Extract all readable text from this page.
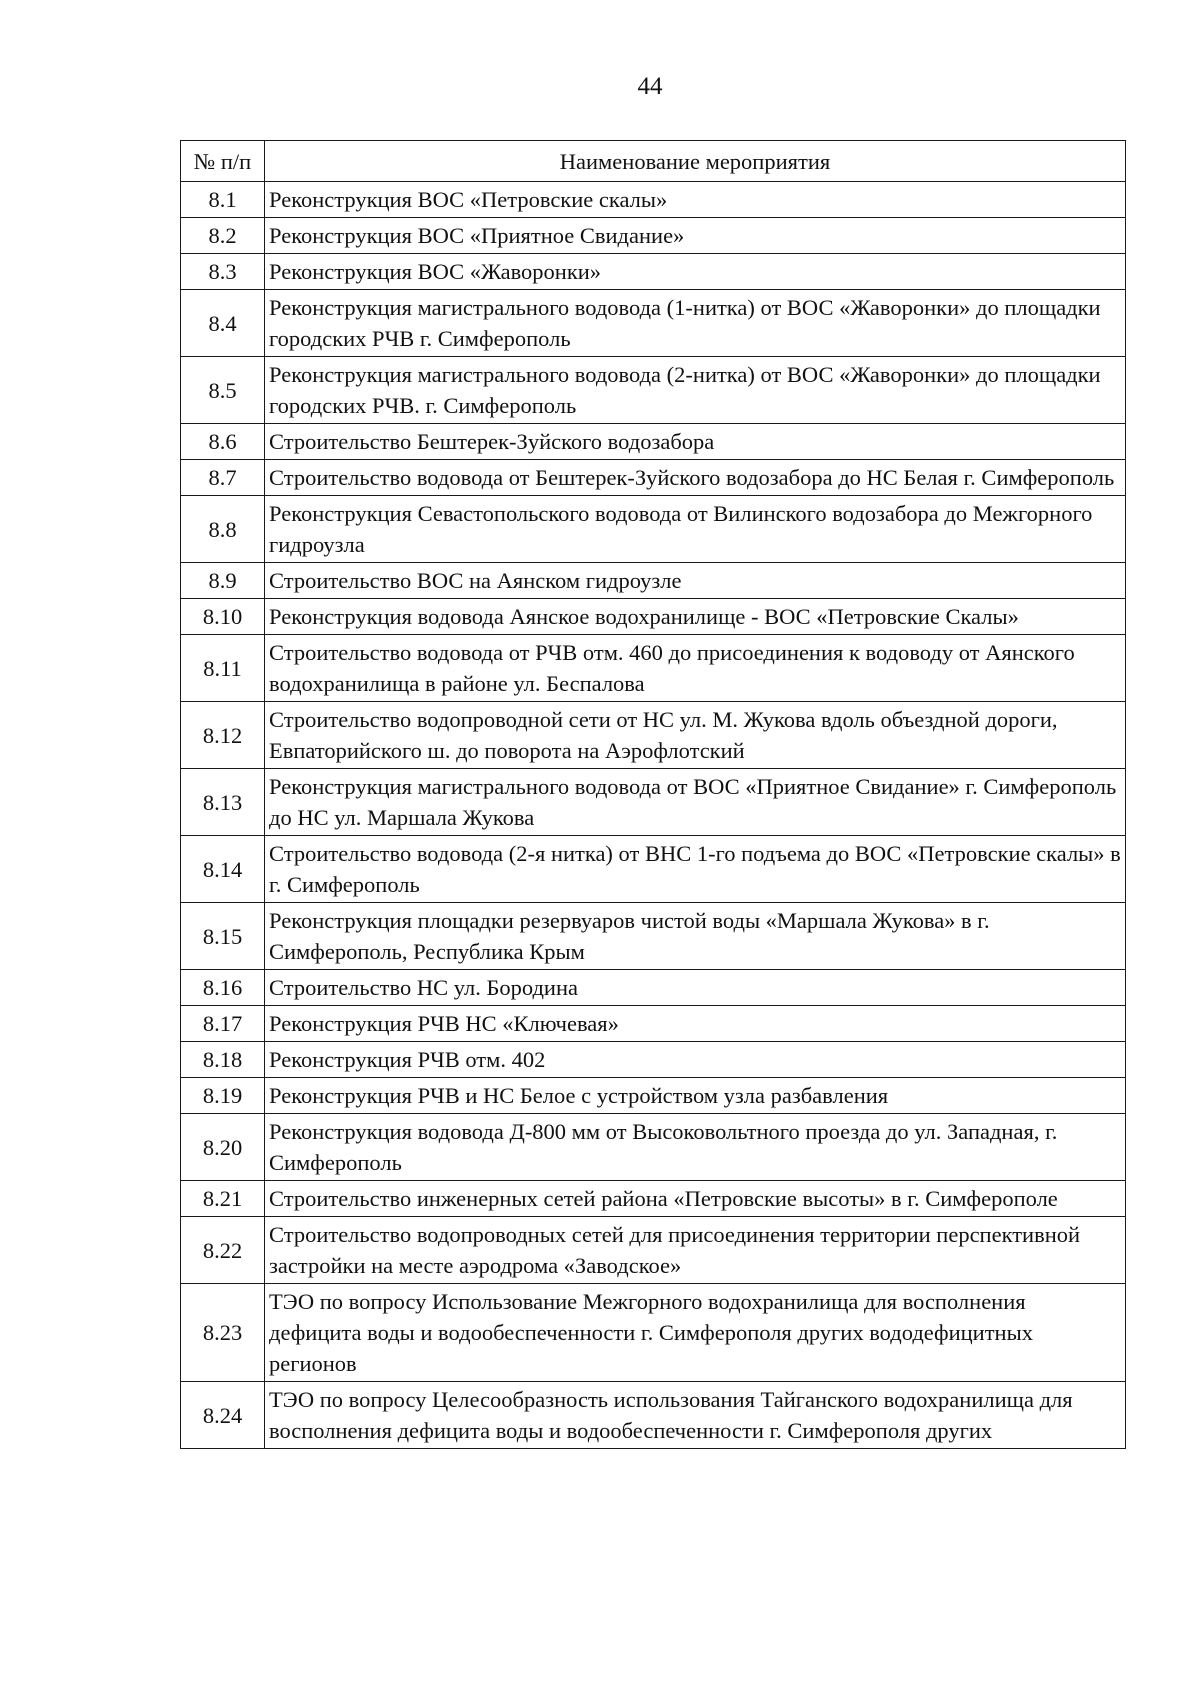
44
№ п/п	Наименование мероприятия
8.1	Реконструкция ВОС «Петровские скалы»
8.2	Реконструкция ВОС «Приятное Свидание»
8.3	Реконструкция ВОС «Жаворонки»
8.4	Реконструкция магистрального водовода (1-нитка) от ВОС «Жаворонки» до площадки городских РЧВ г. Симферополь
8.5	Реконструкция магистрального водовода (2-нитка) от ВОС «Жаворонки» до площадки городских РЧВ. г. Симферополь
8.6	Строительство Бештерек-Зуйского водозабора
8.7	Строительство водовода от Бештерек-Зуйского водозабора до НС Белая г. Симферополь
8.8	Реконструкция Севастопольского водовода от Вилинского водозабора до Межгорного гидроузла
8.9	Строительство ВОС на Аянском гидроузле
8.10	Реконструкция водовода Аянское водохранилище - ВОС «Петровские Скалы»
8.11	Строительство водовода от РЧВ отм. 460 до присоединения к водоводу от Аянского водохранилища в районе ул. Беспалова
8.12	Строительство водопроводной сети от НС ул. М. Жукова вдоль объездной дороги, Евпаторийского ш. до поворота на Аэрофлотский
8.13	Реконструкция магистрального водовода от ВОС «Приятное Свидание» г. Симферополь до НС ул. Маршала Жукова
8.14	Строительство водовода (2-я нитка) от ВНС 1-го подъема до ВОС «Петровские скалы» в г. Симферополь
8.15	Реконструкция площадки резервуаров чистой воды «Маршала Жукова» в г. Симферополь, Республика Крым
8.16	Строительство НС ул. Бородина
8.17	Реконструкция РЧВ НС «Ключевая»
8.18	Реконструкция РЧВ отм. 402
8.19	Реконструкция РЧВ и НС Белое с устройством узла разбавления
8.20	Реконструкция водовода Д-800 мм от Высоковольтного проезда до ул. Западная, г. Симферополь
8.21	Строительство инженерных сетей района «Петровские высоты» в г. Симферополе
8.22	Строительство водопроводных сетей для присоединения территории перспективной застройки на месте аэродрома «Заводское»
8.23	ТЭО по вопросу Использование Межгорного водохранилища для восполнения дефицита воды и водообеспеченности г. Симферополя других вододефицитных регионов
8.24	ТЭО по вопросу Целесообразность использования Тайганского водохранилища для восполнения дефицита воды и водообеспеченности г. Симферополя других
